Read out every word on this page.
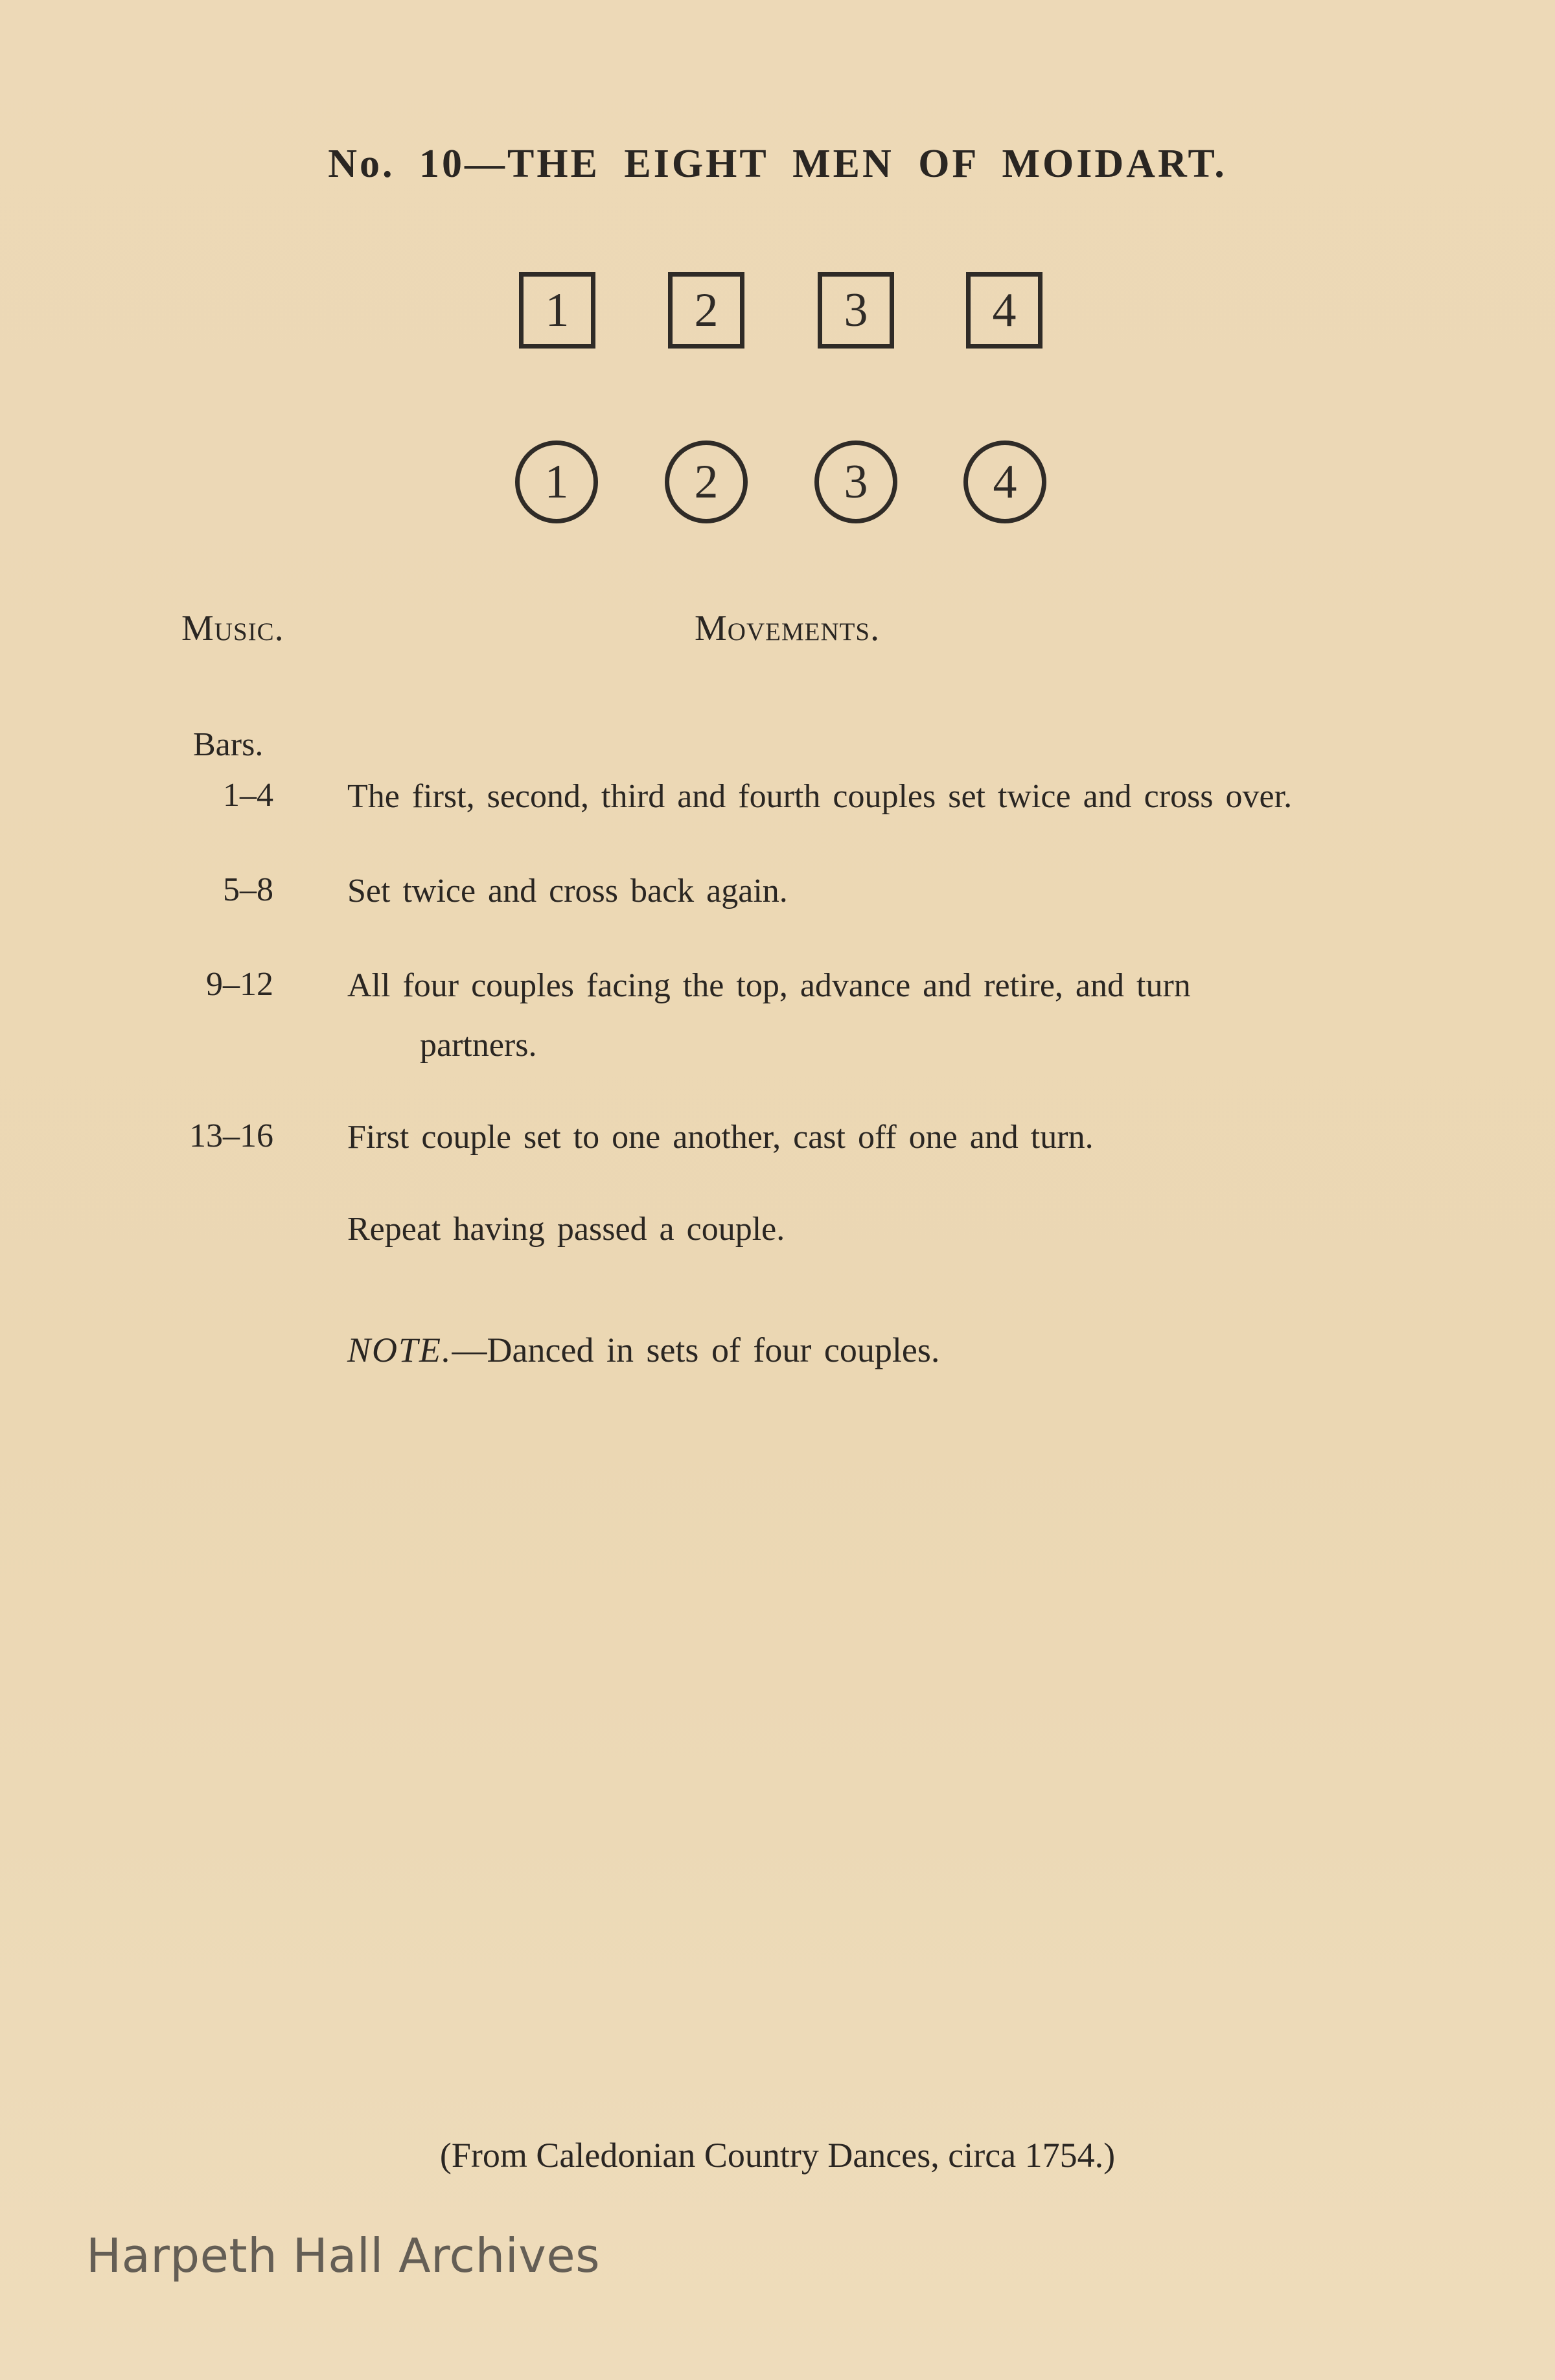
No. 10—THE EIGHT MEN OF MOIDART.
1	2	3	4
1	2	3	4
Music.	Movements.
Bars.
1–4 The first, second, third and fourth couples set twice and cross over.
5–8 Set twice and cross back again.
9–12 All four couples facing the top, advance and retire, and turn
partners.
13–16 First couple set to one another, cast off one and turn.
Repeat having passed a couple.
NOTE.—Danced in sets of four couples.
(From Caledonian Country Dances, circa 1754.)
Harpeth Hall Archives
